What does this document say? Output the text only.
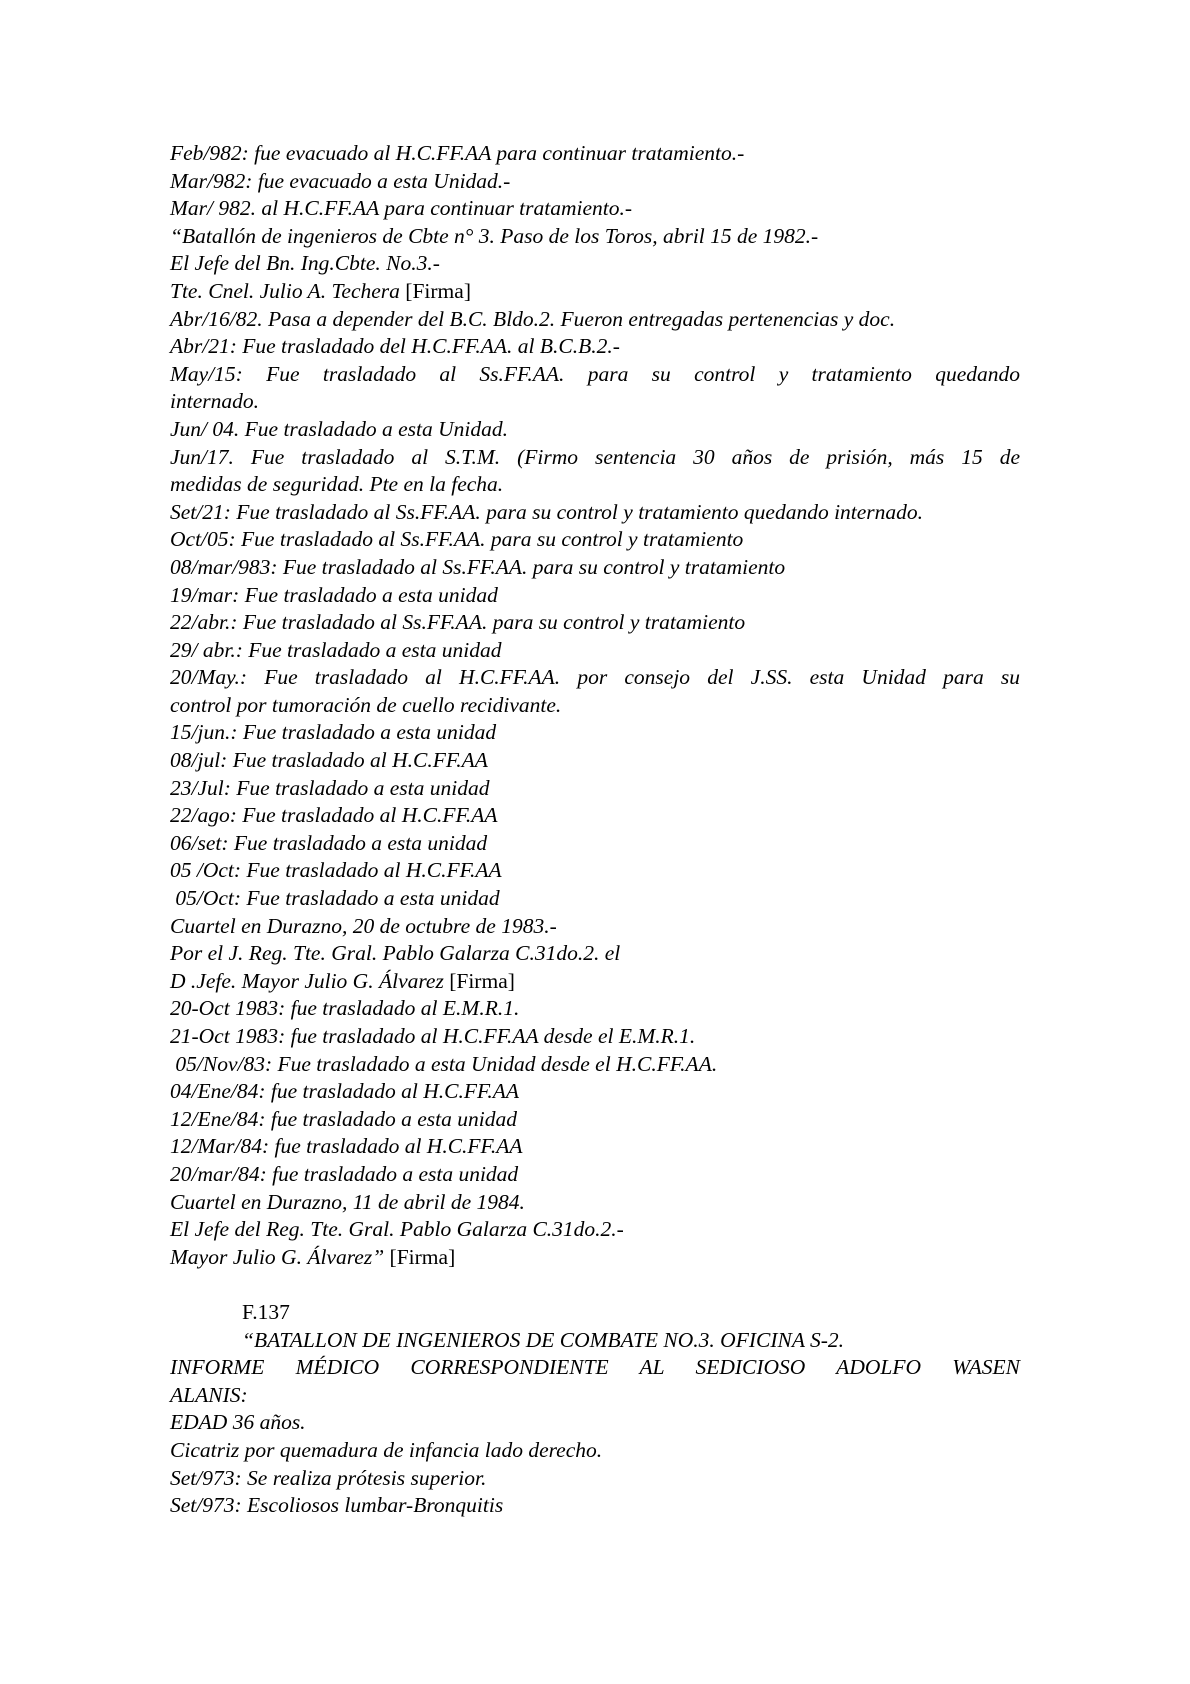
Feb/982: fue evacuado al H.C.FF.AA para continuar tratamiento.-
Mar/982: fue evacuado a esta Unidad.-
Mar/ 982. al H.C.FF.AA para continuar tratamiento.-
“Batallón de ingenieros de Cbte n° 3. Paso de los Toros, abril 15 de 1982.-
El Jefe del Bn. Ing.Cbte. No.3.-
Tte. Cnel. Julio A. Techera [Firma]
Abr/16/82. Pasa a depender del B.C. Bldo.2. Fueron entregadas pertenencias y doc.
Abr/21: Fue trasladado del H.C.FF.AA. al B.C.B.2.-
May/15: Fue trasladado al Ss.FF.AA. para su control y tratamiento quedando
internado.
Jun/ 04. Fue trasladado a esta Unidad.
Jun/17. Fue trasladado al S.T.M. (Firmo sentencia 30 años de prisión, más 15 de
medidas de seguridad. Pte en la fecha.
Set/21: Fue trasladado al Ss.FF.AA. para su control y tratamiento quedando internado.
Oct/05: Fue trasladado al Ss.FF.AA. para su control y tratamiento
08/mar/983: Fue trasladado al Ss.FF.AA. para su control y tratamiento
19/mar: Fue trasladado a esta unidad
22/abr.: Fue trasladado al Ss.FF.AA. para su control y tratamiento
29/ abr.: Fue trasladado a esta unidad
20/May.: Fue trasladado al H.C.FF.AA. por consejo del J.SS. esta Unidad para su
control por tumoración de cuello recidivante.
15/jun.: Fue trasladado a esta unidad
08/jul: Fue trasladado al H.C.FF.AA
23/Jul: Fue trasladado a esta unidad
22/ago: Fue trasladado al H.C.FF.AA
06/set: Fue trasladado a esta unidad
05 /Oct: Fue trasladado al H.C.FF.AA
05/Oct: Fue trasladado a esta unidad
Cuartel en Durazno, 20 de octubre de 1983.-
Por el J. Reg. Tte. Gral. Pablo Galarza C.31do.2. el
D .Jefe. Mayor Julio G. Álvarez [Firma]
20-Oct 1983: fue trasladado al E.M.R.1.
21-Oct 1983: fue trasladado al H.C.FF.AA desde el E.M.R.1.
05/Nov/83: Fue trasladado a esta Unidad desde el H.C.FF.AA.
04/Ene/84: fue trasladado al H.C.FF.AA
12/Ene/84: fue trasladado a esta unidad
12/Mar/84: fue trasladado al H.C.FF.AA
20/mar/84: fue trasladado a esta unidad
Cuartel en Durazno, 11 de abril de 1984.
El Jefe del Reg. Tte. Gral. Pablo Galarza C.31do.2.-
Mayor Julio G. Álvarez” [Firma]
F.137
“BATALLON DE INGENIEROS DE COMBATE NO.3. OFICINA S-2.
INFORME MÉDICO CORRESPONDIENTE AL SEDICIOSO ADOLFO WASEN
ALANIS:
EDAD 36 años.
Cicatriz por quemadura de infancia lado derecho.
Set/973: Se realiza prótesis superior.
Set/973: Escoliosos lumbar-Bronquitis
